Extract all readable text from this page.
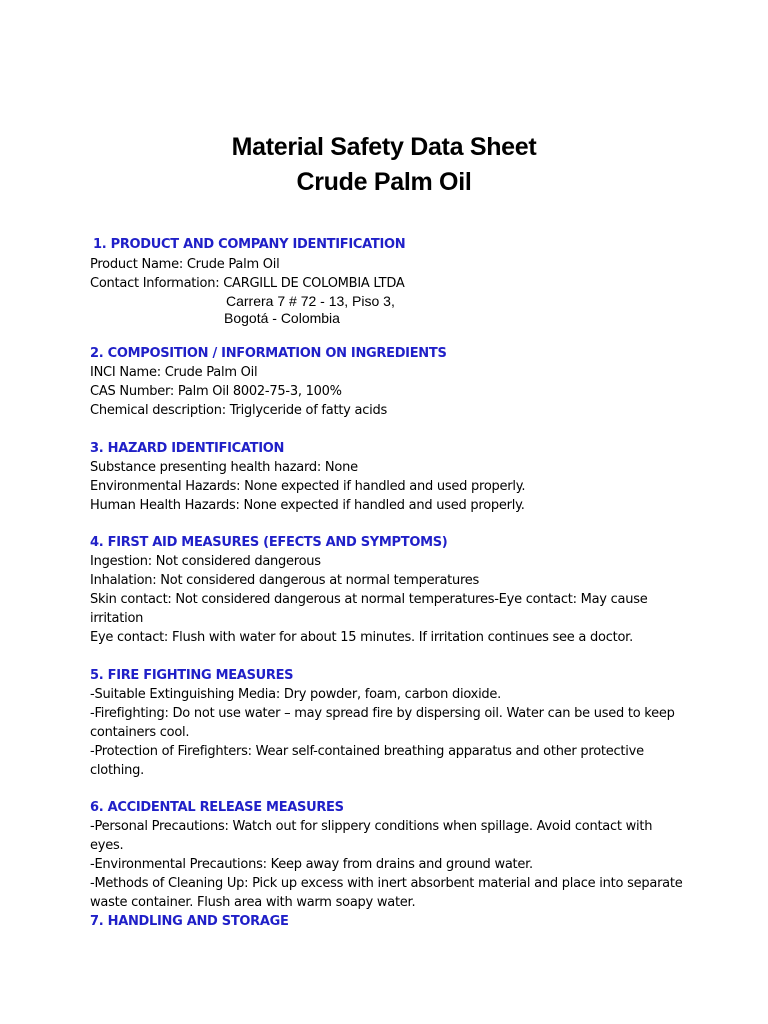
Material Safety Data Sheet
Crude Palm Oil
1. PRODUCT AND COMPANY IDENTIFICATION
Product Name: Crude Palm Oil
Contact Information: CARGILL DE COLOMBIA LTDA
Carrera 7 # 72 - 13, Piso 3,
Bogotá - Colombia
2. COMPOSITION / INFORMATION ON INGREDIENTS
INCI Name: Crude Palm Oil
CAS Number: Palm Oil 8002-75-3, 100%
Chemical description: Triglyceride of fatty acids
3. HAZARD IDENTIFICATION
Substance presenting health hazard: None
Environmental Hazards: None expected if handled and used properly.
Human Health Hazards: None expected if handled and used properly.
4. FIRST AID MEASURES (EFECTS AND SYMPTOMS)
Ingestion: Not considered dangerous
Inhalation: Not considered dangerous at normal temperatures
Skin contact: Not considered dangerous at normal temperatures-Eye contact: May cause
irritation
Eye contact: Flush with water for about 15 minutes. If irritation continues see a doctor.
5. FIRE FIGHTING MEASURES
-Suitable Extinguishing Media: Dry powder, foam, carbon dioxide.
-Firefighting: Do not use water – may spread fire by dispersing oil. Water can be used to keep
containers cool.
-Protection of Firefighters: Wear self-contained breathing apparatus and other protective
clothing.
6. ACCIDENTAL RELEASE MEASURES
-Personal Precautions: Watch out for slippery conditions when spillage. Avoid contact with
eyes.
-Environmental Precautions: Keep away from drains and ground water.
-Methods of Cleaning Up: Pick up excess with inert absorbent material and place into separate
waste container. Flush area with warm soapy water.
7. HANDLING AND STORAGE
